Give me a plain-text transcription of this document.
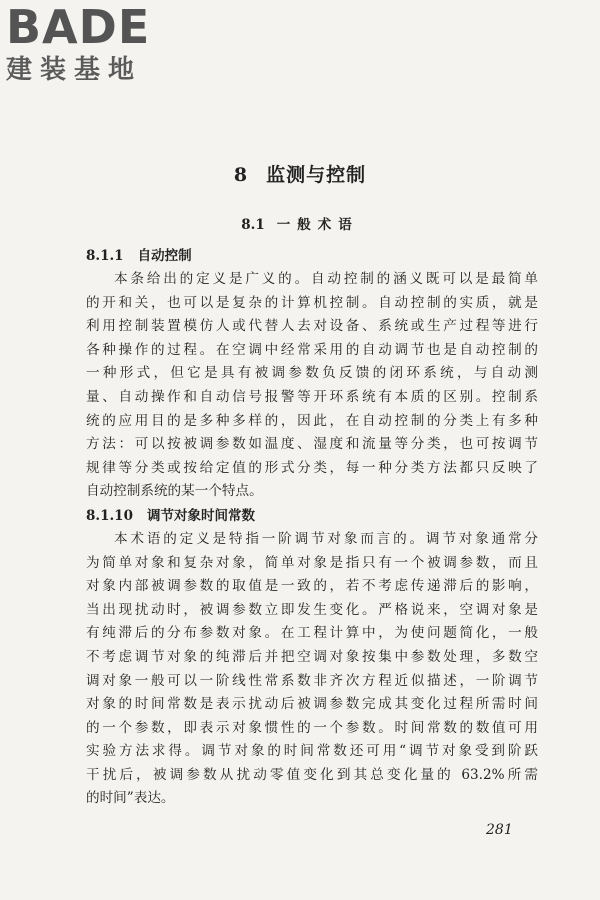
BADE
建装基地
8 监测与控制
8.1 一般术语
8.1.1 自动控制
本条给出的定义是广义的。自动控制的涵义既可以是最简单
的开和关，也可以是复杂的计算机控制。自动控制的实质，就是
利用控制装置模仿人或代替人去对设备、系统或生产过程等进行
各种操作的过程。在空调中经常采用的自动调节也是自动控制的
一种形式，但它是具有被调参数负反馈的闭环系统，与自动测
量、自动操作和自动信号报警等开环系统有本质的区别。控制系
统的应用目的是多种多样的，因此，在自动控制的分类上有多种
方法：可以按被调参数如温度、湿度和流量等分类，也可按调节
规律等分类或按给定值的形式分类，每一种分类方法都只反映了
自动控制系统的某一个特点。
8.1.10 调节对象时间常数
本术语的定义是特指一阶调节对象而言的。调节对象通常分
为简单对象和复杂对象，简单对象是指只有一个被调参数，而且
对象内部被调参数的取值是一致的，若不考虑传递滞后的影响，
当出现扰动时，被调参数立即发生变化。严格说来，空调对象是
有纯滞后的分布参数对象。在工程计算中，为使问题简化，一般
不考虑调节对象的纯滞后并把空调对象按集中参数处理，多数空
调对象一般可以一阶线性常系数非齐次方程近似描述，一阶调节
对象的时间常数是表示扰动后被调参数完成其变化过程所需时间
的一个参数，即表示对象惯性的一个参数。时间常数的数值可用
实验方法求得。调节对象的时间常数还可用“调节对象受到阶跃
干扰后，被调参数从扰动零值变化到其总变化量的 63.2%所需
的时间”表达。
281
